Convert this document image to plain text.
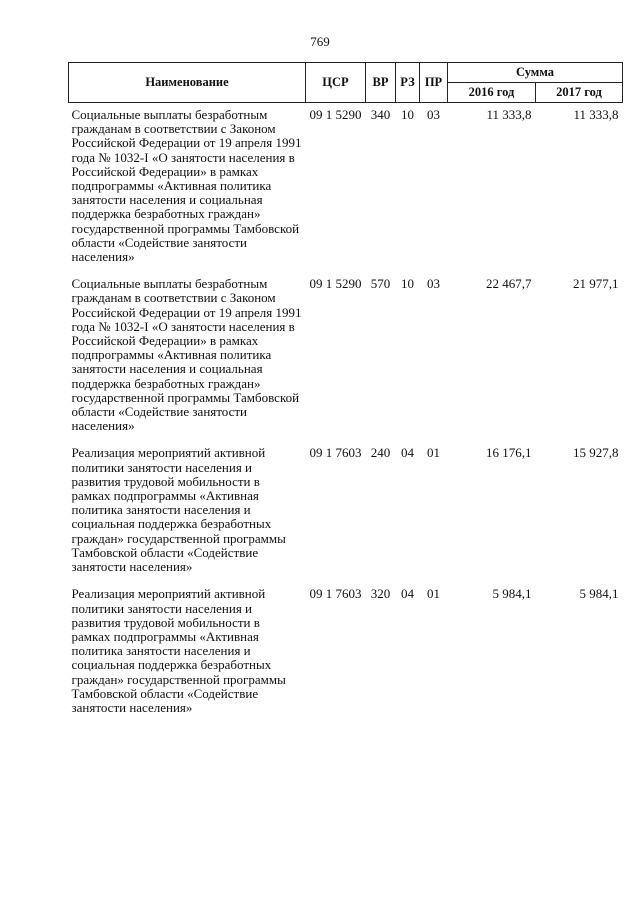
769
Наименование	ЦСР	ВР	РЗ	ПР	Сумма	
					2016 год	2017 год
Социальные выплаты безработным гражданам в соответствии с Законом Российской Федерации от 19 апреля 1991 года № 1032-I «О занятости населения в Российской Федерации» в рамках подпрограммы «Активная политика занятости населения и социальная поддержка безработных граждан» государственной программы Тамбовской области «Содействие занятости населения»	09 1 5290	340	10	03	11 333,8	11 333,8
Социальные выплаты безработным гражданам в соответствии с Законом Российской Федерации от 19 апреля 1991 года № 1032-I «О занятости населения в Российской Федерации» в рамках подпрограммы «Активная политика занятости населения и социальная поддержка безработных граждан» государственной программы Тамбовской области «Содействие занятости населения»	09 1 5290	570	10	03	22 467,7	21 977,1
Реализация мероприятий активной политики занятости населения и развития трудовой мобильности в рамках подпрограммы «Активная политика занятости населения и социальная поддержка безработных граждан» государственной программы Тамбовской области «Содействие занятости населения»	09 1 7603	240	04	01	16 176,1	15 927,8
Реализация мероприятий активной политики занятости населения и развития трудовой мобильности в рамках подпрограммы «Активная политика занятости населения и социальная поддержка безработных граждан» государственной программы Тамбовской области «Содействие занятости населения»	09 1 7603	320	04	01	5 984,1	5 984,1
